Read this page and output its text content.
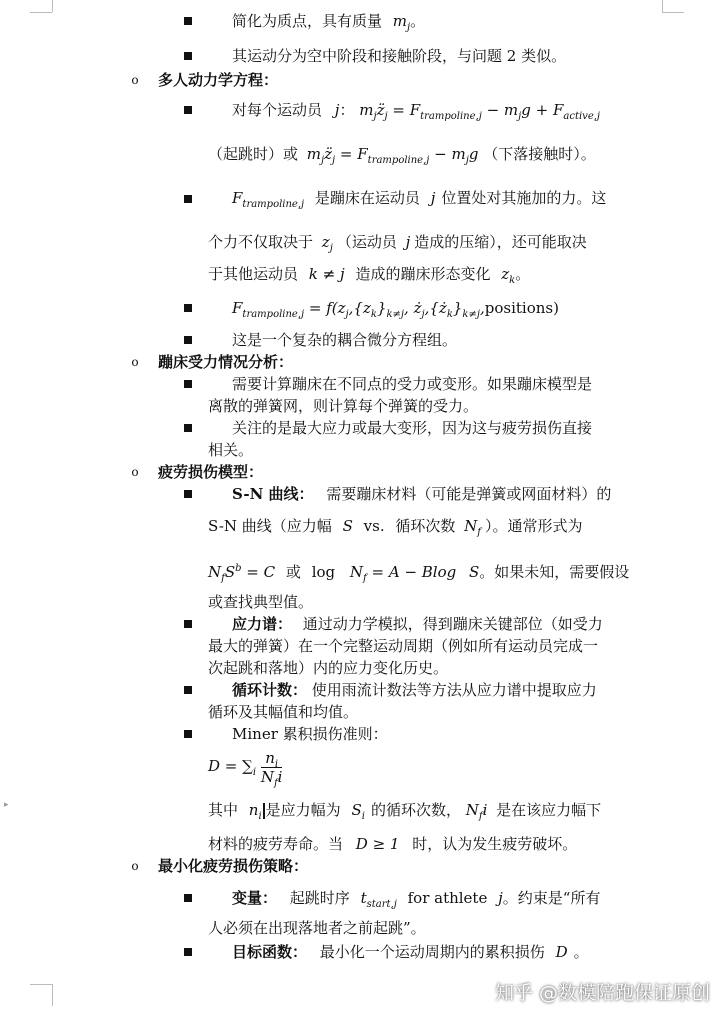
▸
简化为质点，具有质量 $m_j$。
其运动分为空中阶段和接触阶段，与问题 2 类似。
o 多人动力学方程：
对每个运动员 j： $m_jz̈_j = F_{trampoline,j} - m_jg + F_{active,j}$
（起跳时）或 $m_jz̈_j = F_{trampoline,j} - m_jg$ （下落接触时）。
$F_{trampoline,j}$ 是蹦床在运动员 j 位置处对其施加的力。这
个力不仅取决于 $z_j$ （运动员 j 造成的压缩），还可能取决
于其他运动员 k ≠ j 造成的蹦床形态变化 $z_k$。
$F_{trampoline,j} = f(z_j,\{z_k\}_{k\ne j}$, $ż_j,\{ż_k\}_{k\ne j},positions$)
这是一个复杂的耦合微分方程组。
o 蹦床受力情况分析：
需要计算蹦床在不同点的受力或变形。如果蹦床模型是
离散的弹簧网，则计算每个弹簧的受力。
关注的是最大应力或最大变形，因为这与疲劳损伤直接
相关。
o 疲劳损伤模型：
S-N 曲线： 需要蹦床材料（可能是弹簧或网面材料）的
S-N 曲线（应力幅 S vs. 循环次数 $N_f$ ）。通常形式为
$N_fS^b = C$ 或 $\log N_f = A - Blog$ S。如果未知，需要假设
或查找典型值。
应力谱： 通过动力学模拟，得到蹦床关键部位（如受力
最大的弹簧）在一个完整运动周期（例如所有运动员完成一
次起跳和落地）内的应力变化历史。
循环计数： 使用雨流计数法等方法从应力谱中提取应力
循环及其幅值和均值。
Miner 累积损伤准则：
$D = \sum_i \frac{n_i}{N_fi}$
其中 $n_i$ 是应力幅为 $S_i$ 的循环次数， $N_fi$ 是在该应力幅下
材料的疲劳寿命。当 D ≥ 1 时，认为发生疲劳破坏。
o 最小化疲劳损伤策略：
变量： 起跳时序 $t_{start,j}$ for athlete j。约束是“所有
人必须在出现落地者之前起跳”。
目标函数： 最小化一个运动周期内的累积损伤 D 。
知乎 @数模陪跑保证原创
